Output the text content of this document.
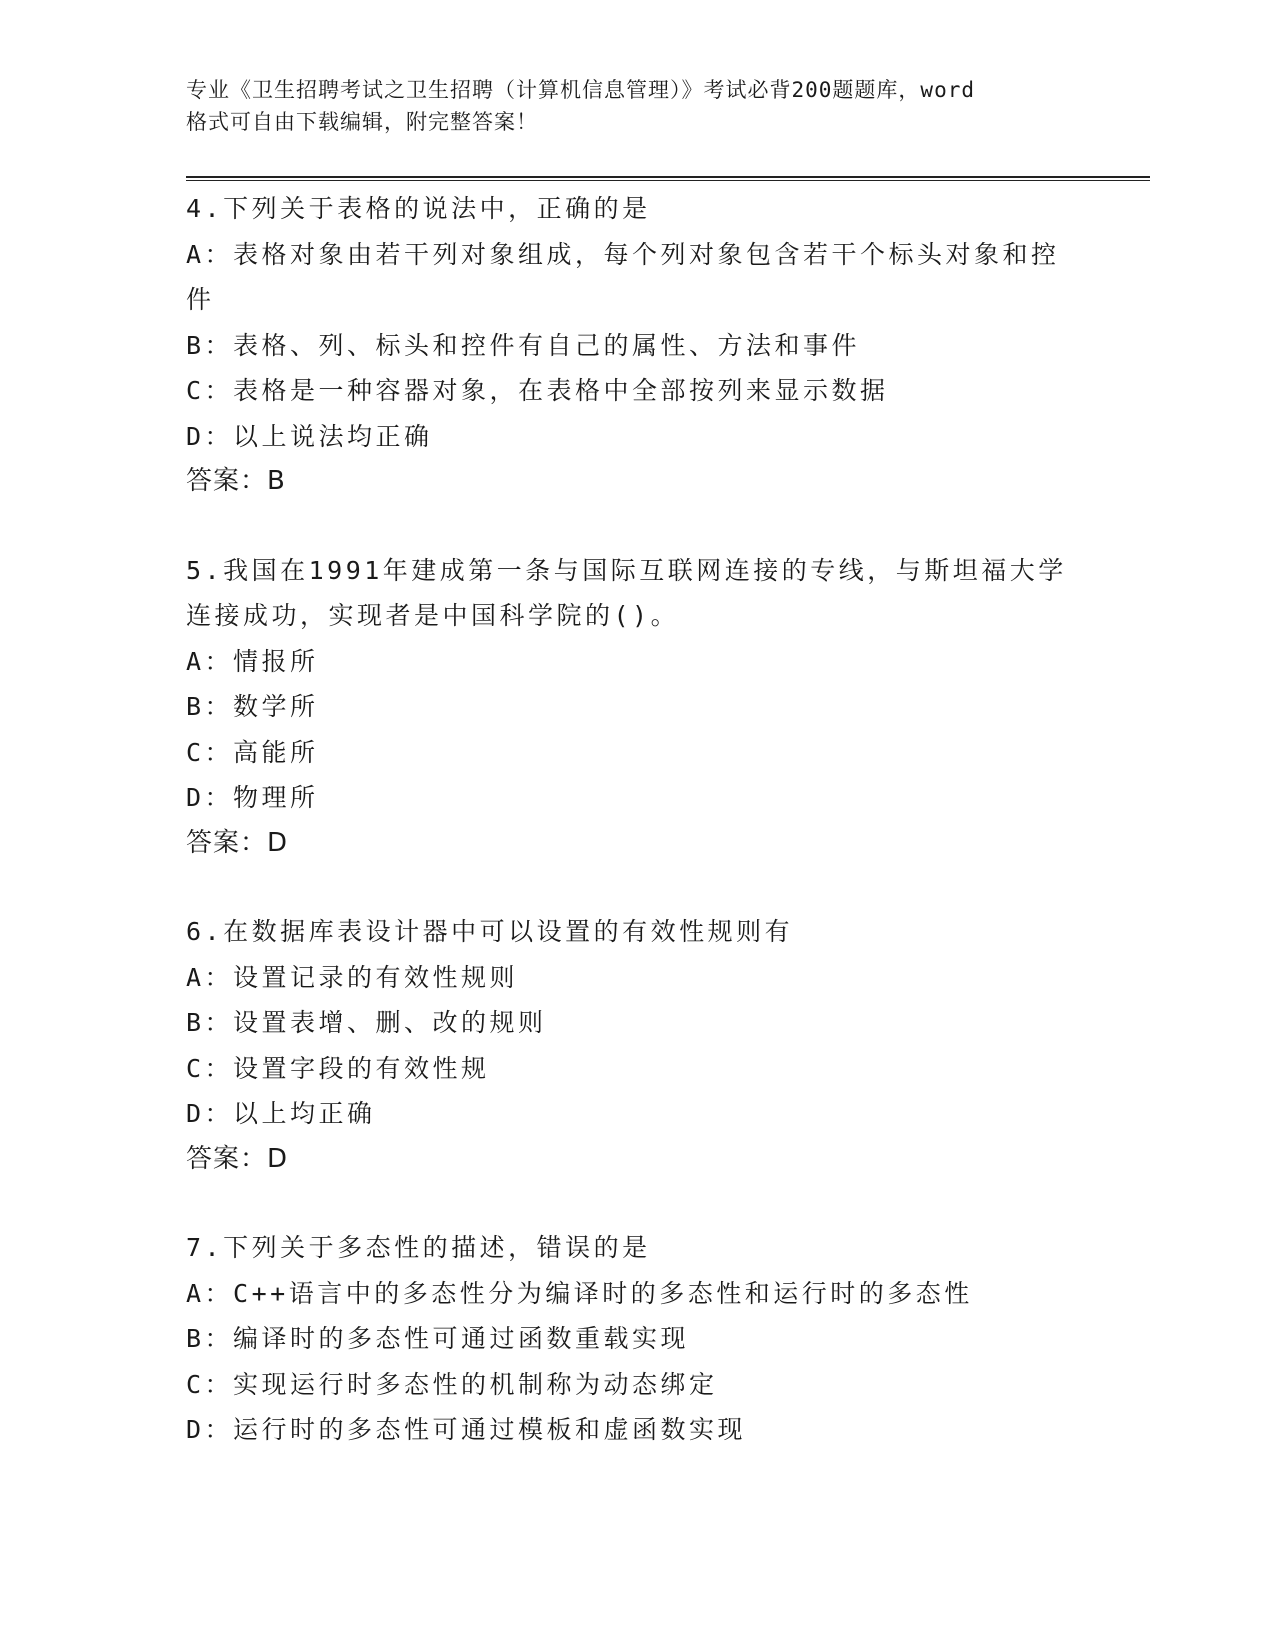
专业《卫生招聘考试之卫生招聘（计算机信息管理）》考试必背200题题库，word
格式可自由下载编辑，附完整答案！

4.下列关于表格的说法中，正确的是

A：表格对象由若干列对象组成，每个列对象包含若干个标头对象和控

件

B：表格、列、标头和控件有自己的属性、方法和事件

C：表格是一种容器对象，在表格中全部按列来显示数据

D：以上说法均正确

答案：B

5.我国在1991年建成第一条与国际互联网连接的专线，与斯坦福大学

连接成功，实现者是中国科学院的()。

A：情报所

B：数学所

C：高能所

D：物理所

答案：D

6.在数据库表设计器中可以设置的有效性规则有

A：设置记录的有效性规则

B：设置表增、删、改的规则

C：设置字段的有效性规

D：以上均正确

答案：D

7.下列关于多态性的描述，错误的是

A：C++语言中的多态性分为编译时的多态性和运行时的多态性

B：编译时的多态性可通过函数重载实现

C：实现运行时多态性的机制称为动态绑定

D：运行时的多态性可通过模板和虚函数实现
